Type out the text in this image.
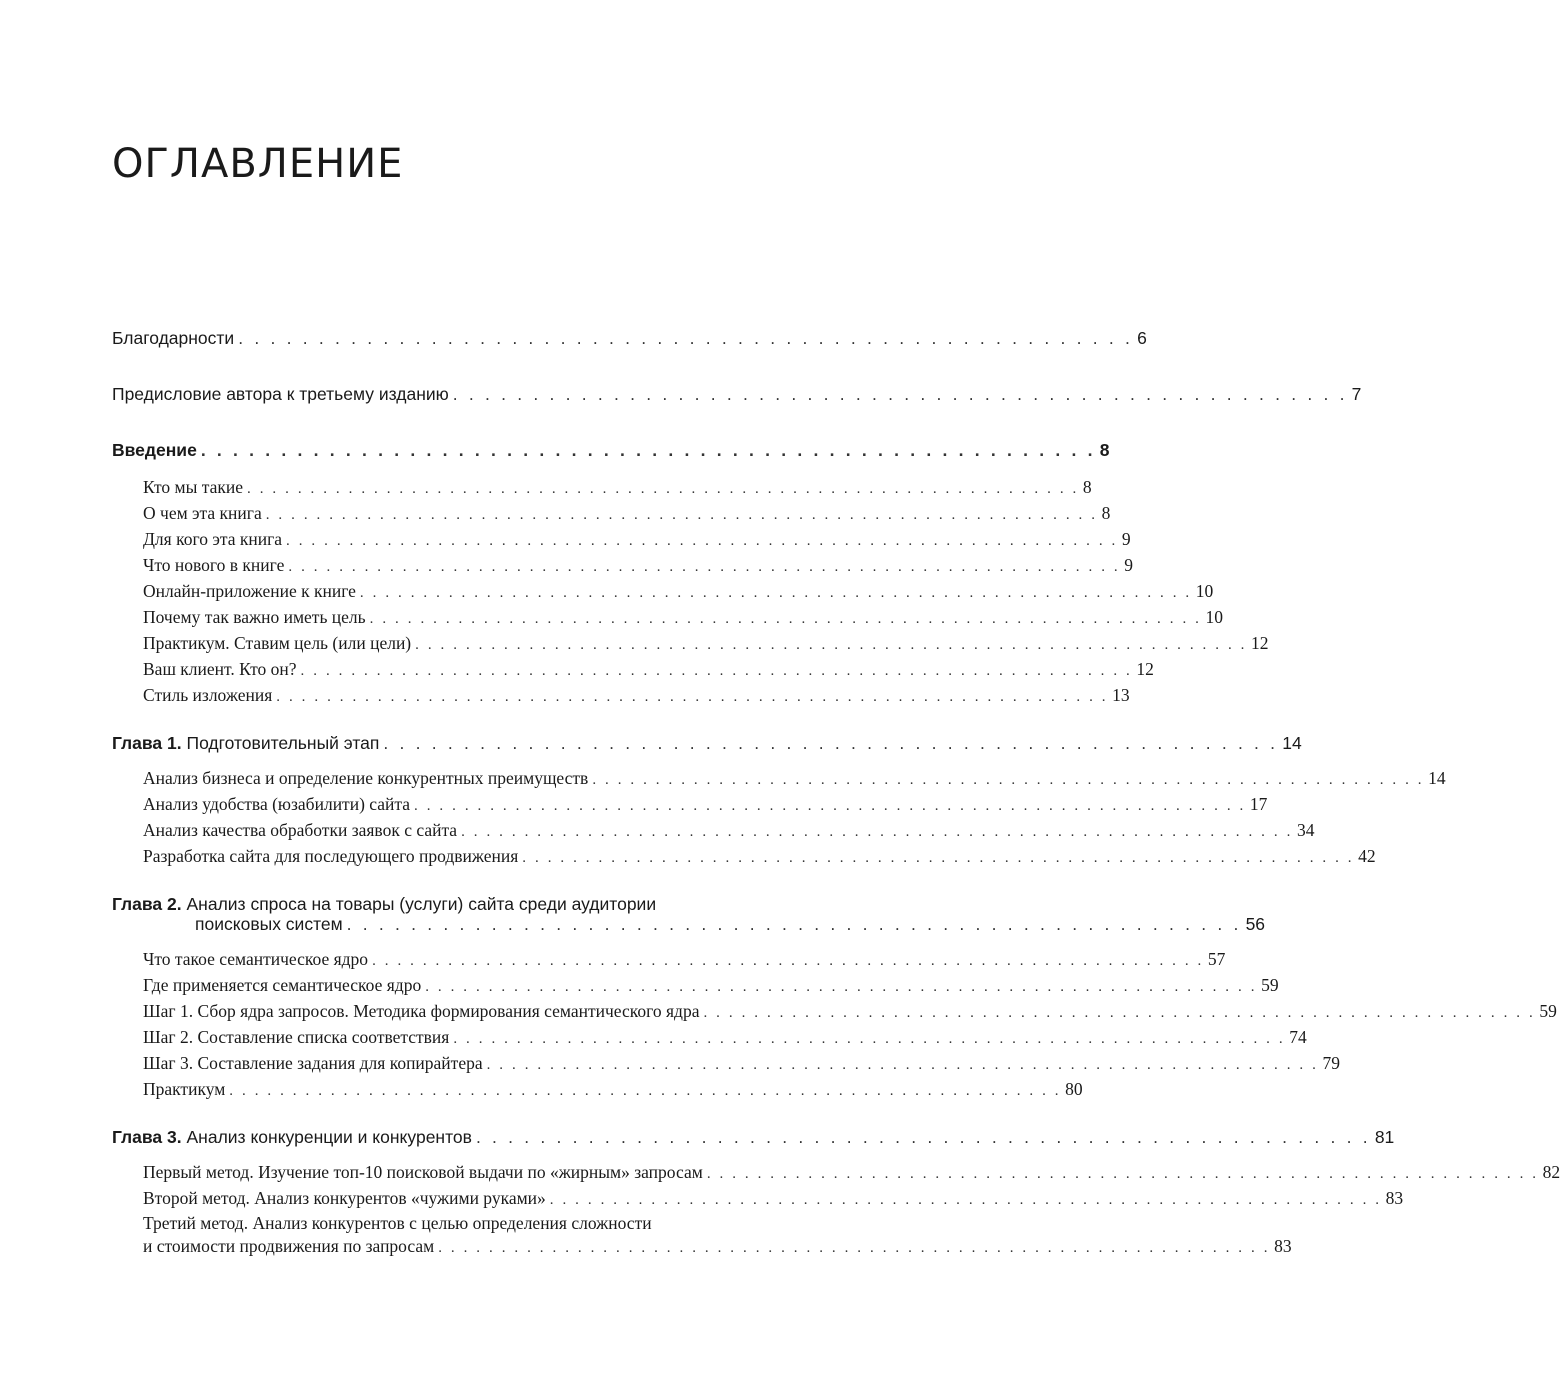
ОГЛАВЛЕНИЕ
Благодарности . . . . . . . . . . . . . . . . . . . . . . . . . . . . . . . . . . . . . . . . . . . . . . . . . . . . . . . . 6
Предисловие автора к третьему изданию . . . . . . . . . . . . . . . . . . . . . . . . . . . . . . . . . . . . . . . . . . . . . . . . . . . . . . . . 7
Введение . . . . . . . . . . . . . . . . . . . . . . . . . . . . . . . . . . . . . . . . . . . . . . . . . . . . . . . . 8
Кто мы такие . . . . . . . . . . . . . . . . . . . . . . . . . . . . . . . . . . . . . . . . . . . . . . . . . . . . . . . . . . . . . . . . . . 8
О чем эта книга . . . . . . . . . . . . . . . . . . . . . . . . . . . . . . . . . . . . . . . . . . . . . . . . . . . . . . . . . . . . . . . . . . 8
Для кого эта книга . . . . . . . . . . . . . . . . . . . . . . . . . . . . . . . . . . . . . . . . . . . . . . . . . . . . . . . . . . . . . . . . . . 9
Что нового в книге . . . . . . . . . . . . . . . . . . . . . . . . . . . . . . . . . . . . . . . . . . . . . . . . . . . . . . . . . . . . . . . . . . 9
Онлайн-приложение к книге . . . . . . . . . . . . . . . . . . . . . . . . . . . . . . . . . . . . . . . . . . . . . . . . . . . . . . . . . . . . . . . . . . 10
Почему так важно иметь цель . . . . . . . . . . . . . . . . . . . . . . . . . . . . . . . . . . . . . . . . . . . . . . . . . . . . . . . . . . . . . . . . . . 10
Практикум. Ставим цель (или цели) . . . . . . . . . . . . . . . . . . . . . . . . . . . . . . . . . . . . . . . . . . . . . . . . . . . . . . . . . . . . . . . . . . 12
Ваш клиент. Кто он? . . . . . . . . . . . . . . . . . . . . . . . . . . . . . . . . . . . . . . . . . . . . . . . . . . . . . . . . . . . . . . . . . . 12
Стиль изложения . . . . . . . . . . . . . . . . . . . . . . . . . . . . . . . . . . . . . . . . . . . . . . . . . . . . . . . . . . . . . . . . . . 13
Глава 1. Подготовительный этап . . . . . . . . . . . . . . . . . . . . . . . . . . . . . . . . . . . . . . . . . . . . . . . . . . . . . . . . 14
Анализ бизнеса и определение конкурентных преимуществ . . . . . . . . . . . . . . . . . . . . . . . . . . . . . . . . . . . . . . . . . . . . . . . . . . . . . . . . . . . . . . . . . . 14
Анализ удобства (юзабилити) сайта . . . . . . . . . . . . . . . . . . . . . . . . . . . . . . . . . . . . . . . . . . . . . . . . . . . . . . . . . . . . . . . . . . 17
Анализ качества обработки заявок с сайта . . . . . . . . . . . . . . . . . . . . . . . . . . . . . . . . . . . . . . . . . . . . . . . . . . . . . . . . . . . . . . . . . . 34
Разработка сайта для последующего продвижения . . . . . . . . . . . . . . . . . . . . . . . . . . . . . . . . . . . . . . . . . . . . . . . . . . . . . . . . . . . . . . . . . . 42
Глава 2. Анализ спроса на товары (услуги) сайта среди аудитории
поисковых систем . . . . . . . . . . . . . . . . . . . . . . . . . . . . . . . . . . . . . . . . . . . . . . . . . . . . . . . . 56
Что такое семантическое ядро . . . . . . . . . . . . . . . . . . . . . . . . . . . . . . . . . . . . . . . . . . . . . . . . . . . . . . . . . . . . . . . . . . 57
Где применяется семантическое ядро . . . . . . . . . . . . . . . . . . . . . . . . . . . . . . . . . . . . . . . . . . . . . . . . . . . . . . . . . . . . . . . . . . 59
Шаг 1. Сбор ядра запросов. Методика формирования семантического ядра . . . . . . . . . . . . . . . . . . . . . . . . . . . . . . . . . . . . . . . . . . . . . . . . . . . . . . . . . . . . . . . . . . 59
Шаг 2. Составление списка соответствия . . . . . . . . . . . . . . . . . . . . . . . . . . . . . . . . . . . . . . . . . . . . . . . . . . . . . . . . . . . . . . . . . . 74
Шаг 3. Составление задания для копирайтера . . . . . . . . . . . . . . . . . . . . . . . . . . . . . . . . . . . . . . . . . . . . . . . . . . . . . . . . . . . . . . . . . . 79
Практикум . . . . . . . . . . . . . . . . . . . . . . . . . . . . . . . . . . . . . . . . . . . . . . . . . . . . . . . . . . . . . . . . . . 80
Глава 3. Анализ конкуренции и конкурентов . . . . . . . . . . . . . . . . . . . . . . . . . . . . . . . . . . . . . . . . . . . . . . . . . . . . . . . . 81
Первый метод. Изучение топ-10 поисковой выдачи по «жирным» запросам . . . . . . . . . . . . . . . . . . . . . . . . . . . . . . . . . . . . . . . . . . . . . . . . . . . . . . . . . . . . . . . . . . 82
Второй метод. Анализ конкурентов «чужими руками» . . . . . . . . . . . . . . . . . . . . . . . . . . . . . . . . . . . . . . . . . . . . . . . . . . . . . . . . . . . . . . . . . . 83
Третий метод. Анализ конкурентов с целью определения сложности
и стоимости продвижения по запросам . . . . . . . . . . . . . . . . . . . . . . . . . . . . . . . . . . . . . . . . . . . . . . . . . . . . . . . . . . . . . . . . . . 83
